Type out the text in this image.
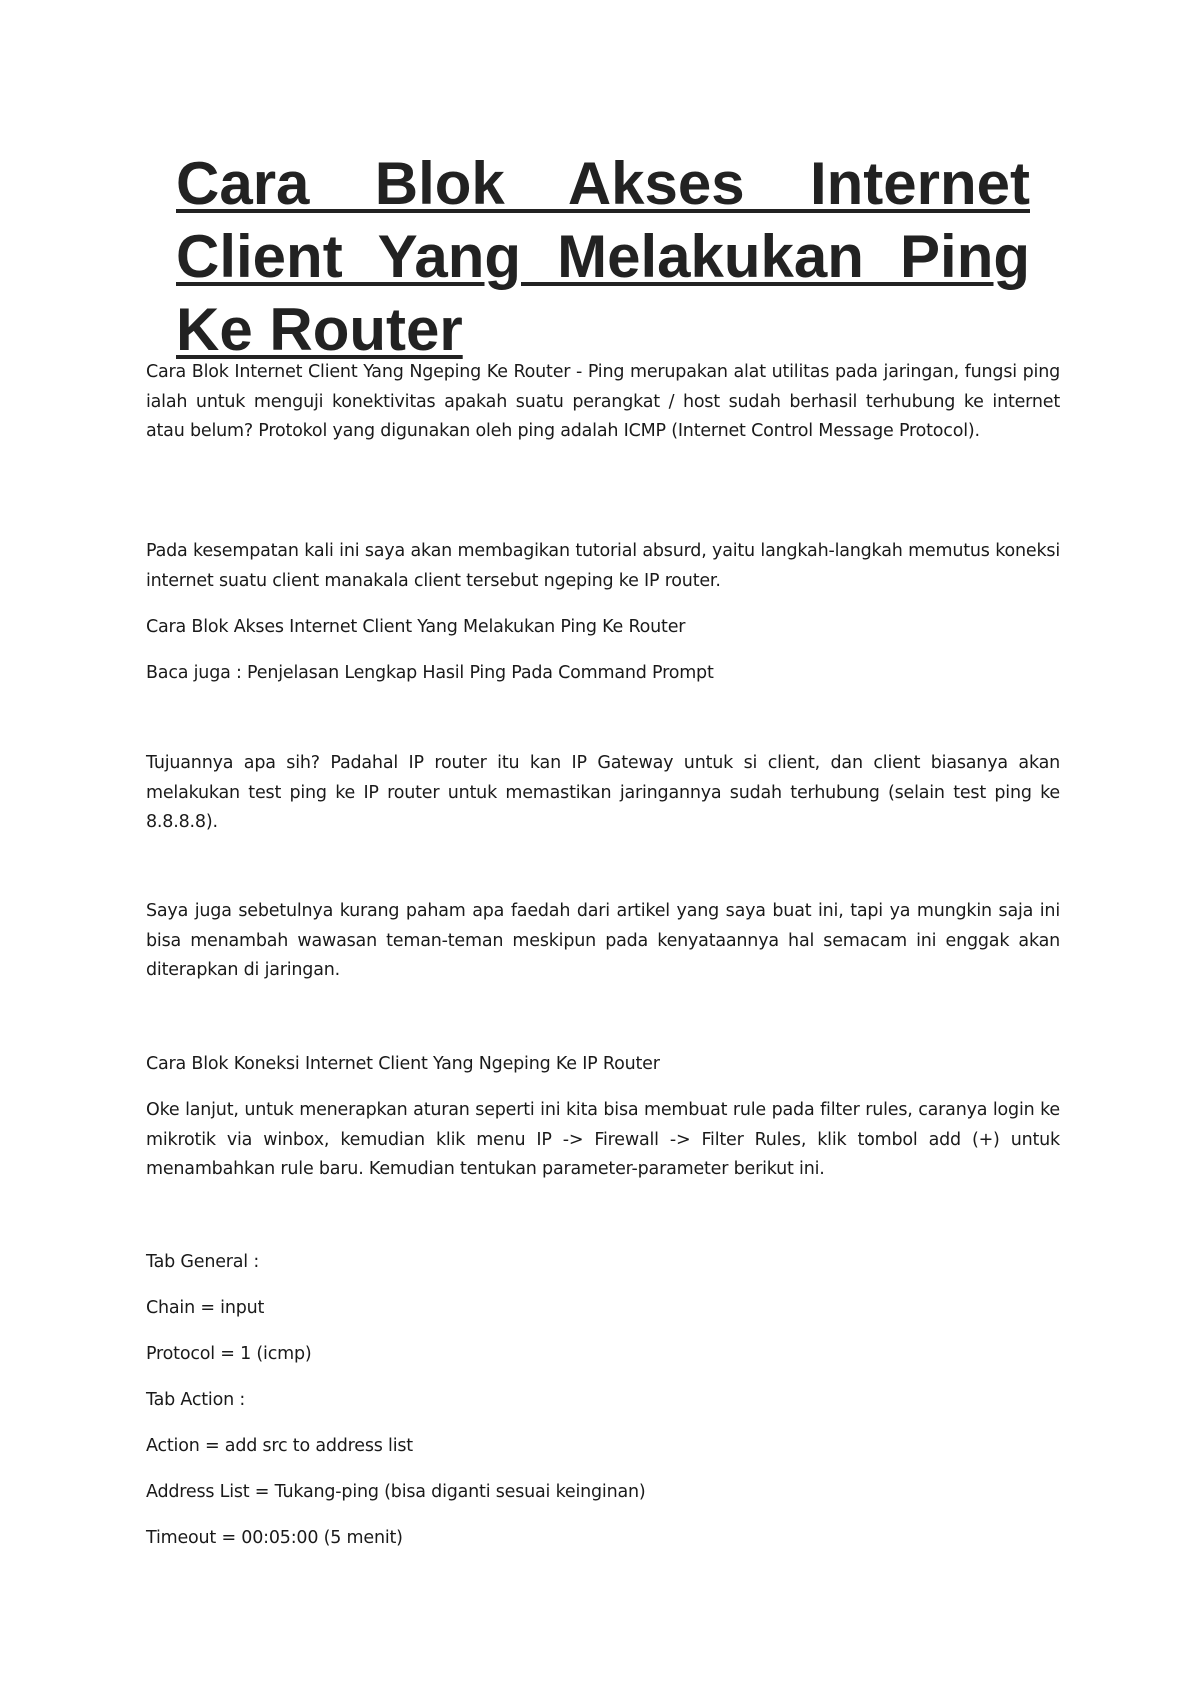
Cara Blok Akses Internet
Client Yang Melakukan Ping
Ke Router

Cara Blok Internet Client Yang Ngeping Ke Router - Ping merupakan alat utilitas pada jaringan, fungsi ping ialah untuk menguji konektivitas apakah suatu perangkat / host sudah berhasil terhubung ke internet atau belum? Protokol yang digunakan oleh ping adalah ICMP (Internet Control Message Protocol).

Pada kesempatan kali ini saya akan membagikan tutorial absurd, yaitu langkah-langkah memutus koneksi internet suatu client manakala client tersebut ngeping ke IP router.

Cara Blok Akses Internet Client Yang Melakukan Ping Ke Router

Baca juga : Penjelasan Lengkap Hasil Ping Pada Command Prompt

Tujuannya apa sih? Padahal IP router itu kan IP Gateway untuk si client, dan client biasanya akan melakukan test ping ke IP router untuk memastikan jaringannya sudah terhubung (selain test ping ke 8.8.8.8).

Saya juga sebetulnya kurang paham apa faedah dari artikel yang saya buat ini, tapi ya mungkin saja ini bisa menambah wawasan teman-teman meskipun pada kenyataannya hal semacam ini enggak akan diterapkan di jaringan.

Cara Blok Koneksi Internet Client Yang Ngeping Ke IP Router

Oke lanjut, untuk menerapkan aturan seperti ini kita bisa membuat rule pada filter rules, caranya login ke mikrotik via winbox, kemudian klik menu IP -> Firewall -> Filter Rules, klik tombol add (+) untuk menambahkan rule baru. Kemudian tentukan parameter-parameter berikut ini.

Tab General :

Chain = input

Protocol = 1 (icmp)

Tab Action :

Action = add src to address list

Address List = Tukang-ping (bisa diganti sesuai keinginan)

Timeout = 00:05:00 (5 menit)
